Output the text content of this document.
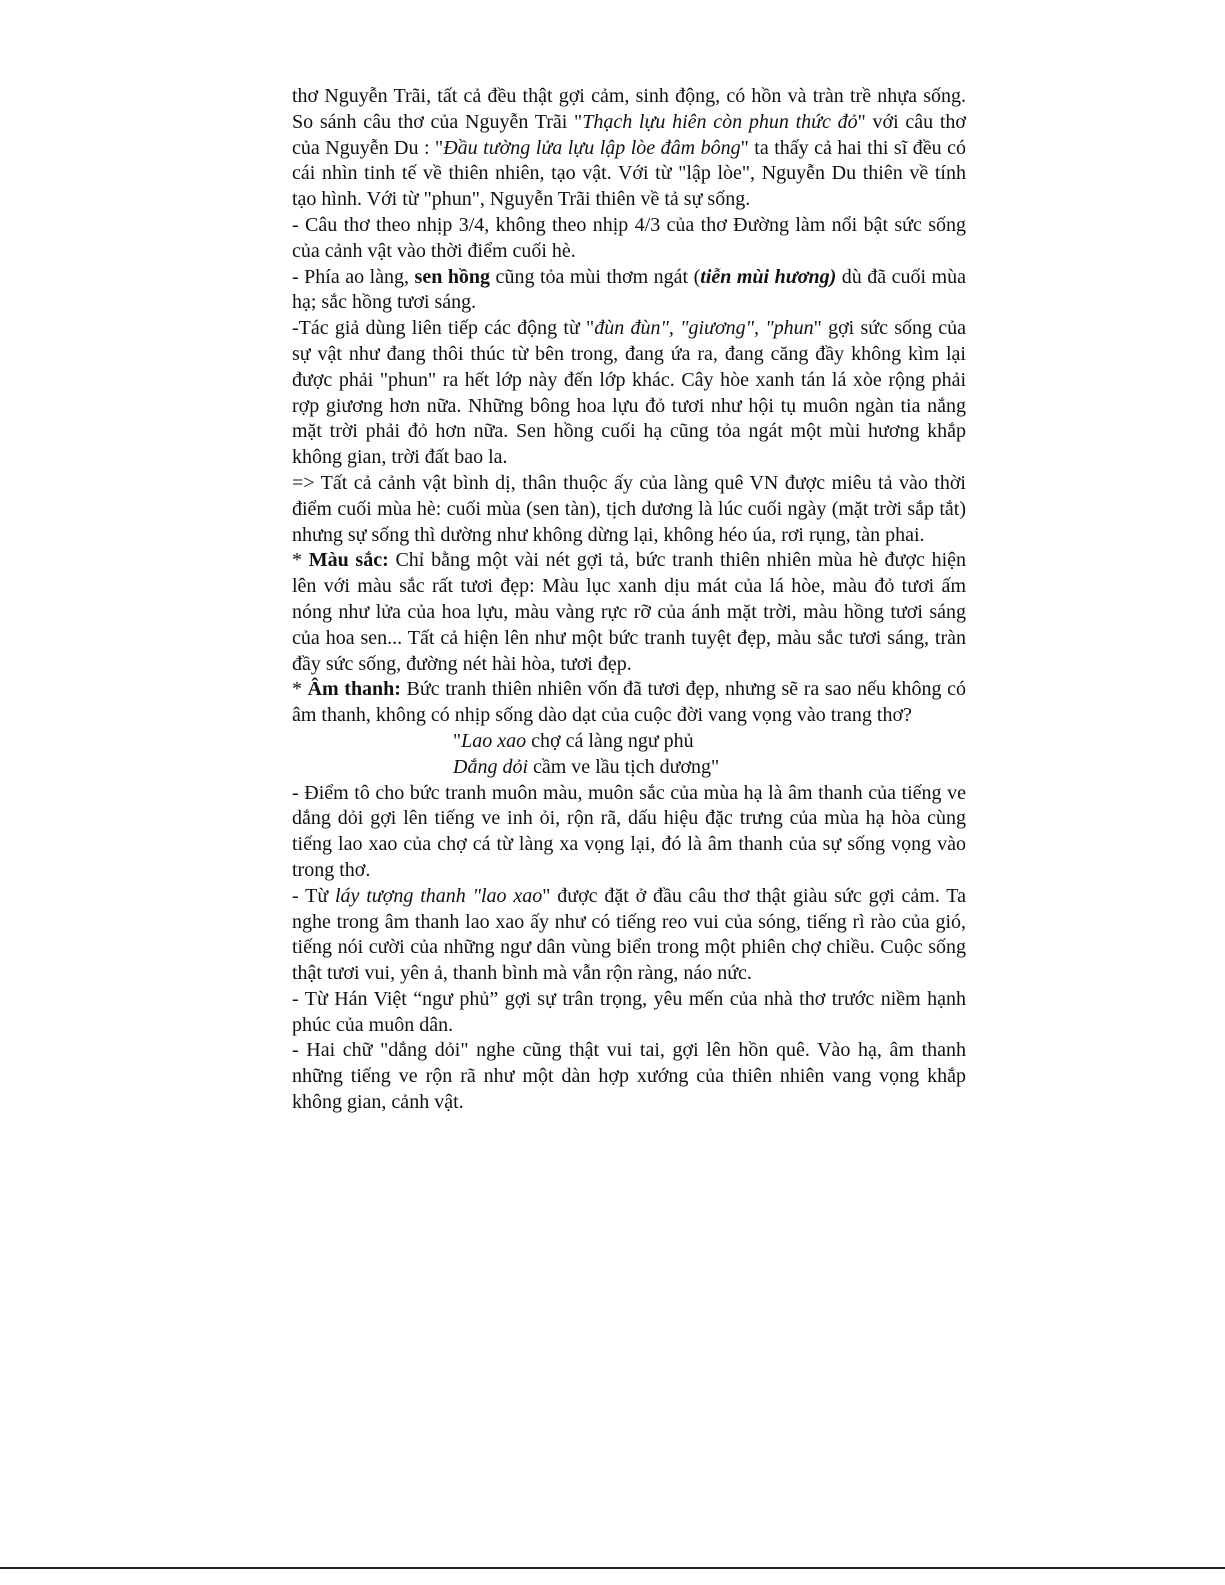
thơ Nguyễn Trãi, tất cả đều thật gợi cảm, sinh động, có hồn và tràn trề nhựa sống. So sánh câu thơ của Nguyễn Trãi "Thạch lựu hiên còn phun thức đỏ" với câu thơ của Nguyễn Du : "Đầu tường lửa lựu lập lòe đâm bông" ta thấy cả hai thi sĩ đều có cái nhìn tinh tế về thiên nhiên, tạo vật. Với từ "lập lòe", Nguyễn Du thiên về tính tạo hình. Với từ "phun", Nguyễn Trãi thiên về tả sự sống.

- Câu thơ theo nhịp 3/4, không theo nhịp 4/3 của thơ Đường làm nổi bật sức sống của cảnh vật vào thời điểm cuối hè.

- Phía ao làng, sen hồng cũng tỏa mùi thơm ngát (tiễn mùi hương) dù đã cuối mùa hạ; sắc hồng tươi sáng.

-Tác giả dùng liên tiếp các động từ "đùn đùn", "giương", "phun" gợi sức sống của sự vật như đang thôi thúc từ bên trong, đang ứa ra, đang căng đầy không kìm lại được phải "phun" ra hết lớp này đến lớp khác. Cây hòe xanh tán lá xòe rộng phải rợp giương hơn nữa. Những bông hoa lựu đỏ tươi như hội tụ muôn ngàn tia nắng mặt trời phải đỏ hơn nữa. Sen hồng cuối hạ cũng tỏa ngát một mùi hương khắp không gian, trời đất bao la.

=> Tất cả cảnh vật bình dị, thân thuộc ấy của làng quê VN được miêu tả vào thời điểm cuối mùa hè: cuối mùa (sen tàn), tịch dương là lúc cuối ngày (mặt trời sắp tắt) nhưng sự sống thì dường như không dừng lại, không héo úa, rơi rụng, tàn phai.

* Màu sắc: Chỉ bằng một vài nét gợi tả, bức tranh thiên nhiên mùa hè được hiện lên với màu sắc rất tươi đẹp: Màu lục xanh dịu mát của lá hòe, màu đỏ tươi ấm nóng như lửa của hoa lựu, màu vàng rực rỡ của ánh mặt trời, màu hồng tươi sáng của hoa sen... Tất cả hiện lên như một bức tranh tuyệt đẹp, màu sắc tươi sáng, tràn đầy sức sống, đường nét hài hòa, tươi đẹp.

* Âm thanh: Bức tranh thiên nhiên vốn đã tươi đẹp, nhưng sẽ ra sao nếu không có âm thanh, không có nhịp sống dào dạt của cuộc đời vang vọng vào trang thơ?

"Lao xao chợ cá làng ngư phủ

Dắng dỏi cầm ve lầu tịch dương"

- Điểm tô cho bức tranh muôn màu, muôn sắc của mùa hạ là âm thanh của tiếng ve dắng dỏi gợi lên tiếng ve inh ỏi, rộn rã, dấu hiệu đặc trưng của mùa hạ hòa cùng tiếng lao xao của chợ cá từ làng xa vọng lại, đó là âm thanh của sự sống vọng vào trong thơ.

- Từ láy tượng thanh "lao xao" được đặt ở đầu câu thơ thật giàu sức gợi cảm. Ta nghe trong âm thanh lao xao ấy như có tiếng reo vui của sóng, tiếng rì rào của gió, tiếng nói cười của những ngư dân vùng biển trong một phiên chợ chiều. Cuộc sống thật tươi vui, yên ả, thanh bình mà vẫn rộn ràng, náo nức.

- Từ Hán Việt “ngư phủ” gợi sự trân trọng, yêu mến của nhà thơ trước niềm hạnh phúc của muôn dân.

- Hai chữ "dắng dỏi" nghe cũng thật vui tai, gợi lên hồn quê. Vào hạ, âm thanh những tiếng ve rộn rã như một dàn hợp xướng của thiên nhiên vang vọng khắp không gian, cảnh vật.
